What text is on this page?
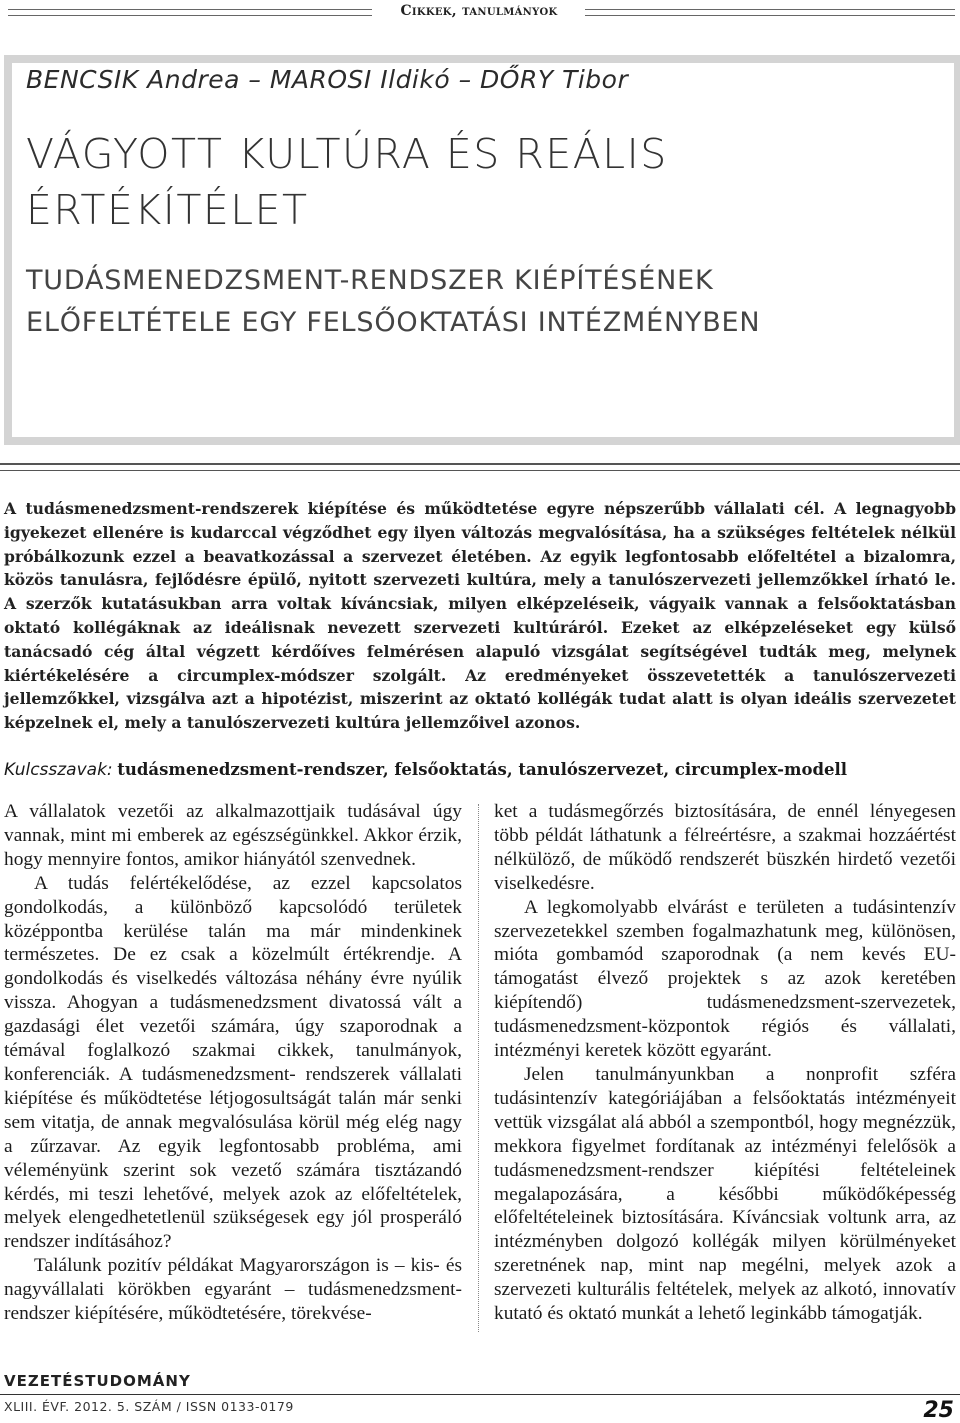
Cikkek, tanulmányok
BENCSIK Andrea – MAROSI Ildikó – DŐRY Tibor
VÁGYOTT KULTÚRA ÉS REÁLIS
ÉRTÉKÍTÉLET
TUDÁSMENEDZSMENT-RENDSZER KIÉPÍTÉSÉNEK
ELŐFELTÉTELE EGY FELSŐOKTATÁSI INTÉZMÉNYBEN
A tudásmenedzsment-rendszerek kiépítése és működtetése egyre népszerűbb vállalati cél. A legnagyobb igyekezet ellenére is kudarccal végződhet egy ilyen változás megvalósítása, ha a szükséges feltételek nélkül próbálkozunk ezzel a beavatkozással a szervezet életében. Az egyik legfontosabb előfeltétel a bizalomra, közös tanulásra, fejlődésre épülő, nyitott szervezeti kultúra, mely a tanulószervezeti jellemzőkkel írható le. A szerzők kutatásukban arra voltak kíváncsiak, milyen elképzeléseik, vágyaik vannak a felsőoktatásban oktató kollégáknak az ideálisnak nevezett szervezeti kultúráról. Ezeket az elképzeléseket egy külső tanácsadó cég által végzett kérdőíves felmérésen alapuló vizsgálat segítségével tudták meg, melynek kiértékelésére a circumplex-módszer szolgált. Az eredményeket összevetették a tanulószervezeti jellemzőkkel, vizsgálva azt a hipotézist, miszerint az oktató kollégák tudat alatt is olyan ideális szervezetet képzelnek el, mely a tanulószervezeti kultúra jellemzőivel azonos.
Kulcsszavak: tudásmenedzsment-rendszer, felsőoktatás, tanulószervezet, circumplex-modell

A vállalatok vezetői az alkalmazottjaik tudásával úgy vannak, mint mi emberek az egészségünkkel. Akkor érzik, hogy mennyire fontos, amikor hiányától szenvednek.

A tudás felértékelődése, az ezzel kapcsolatos gondolkodás, a különböző kapcsolódó területek középpontba kerülése talán ma már mindenkinek természetes. De ez csak a közelmúlt értékrendje. A gondolkodás és viselkedés változása néhány évre nyúlik vissza. Ahogyan a tudásmenedzsment divatossá vált a gazdasági élet vezetői számára, úgy szaporodnak a témával foglalkozó szakmai cikkek, tanulmányok, konferenciák. A tudásmenedzsment- rendszerek vállalati kiépítése és működtetése létjogosultságát talán már senki sem vitatja, de annak megvalósulása körül még elég nagy a zűrzavar. Az egyik legfontosabb probléma, ami véleményünk szerint sok vezető számára tisztázandó kérdés, mi teszi lehetővé, melyek azok az előfeltételek, melyek elengedhetetlenül szükségesek egy jól prosperáló rendszer indításához?

Találunk pozitív példákat Magyarországon is – kis- és nagyvállalati körökben egyaránt – tudásmenedzsment-rendszer kiépítésére, működtetésére, törekvése-

ket a tudásmegőrzés biztosítására, de ennél lényegesen több példát láthatunk a félreértésre, a szakmai hozzáértést nélkülöző, de működő rendszerét büszkén hirdető vezetői viselkedésre.

A legkomolyabb elvárást e területen a tudásintenzív szervezetekkel szemben fogalmazhatunk meg, különösen, mióta gombamód szaporodnak (a nem kevés EU-támogatást élvező projektek s az azok keretében kiépítendő) tudásmenedzsment-szervezetek, tudásmenedzsment-központok régiós és vállalati, intézményi keretek között egyaránt.

Jelen tanulmányunkban a nonprofit szféra tudásintenzív kategóriájában a felsőoktatás intézményeit vettük vizsgálat alá abból a szempontból, hogy megnézzük, mekkora figyelmet fordítanak az intézményi felelősök a tudásmenedzsment-rendszer kiépítési feltételeinek megalapozására, a későbbi működőképesség előfeltételeinek biztosítására. Kíváncsiak voltunk arra, az intézményben dolgozó kollégák milyen körülményeket szeretnének nap, mint nap megélni, melyek azok a szervezeti kulturális feltételek, melyek az alkotó, innovatív kutató és oktató munkát a lehető leginkább támogatják.

VEZETÉSTUDOMÁNY
XLIII. ÉVF. 2012. 5. SZÁM / ISSN 0133-0179	25
